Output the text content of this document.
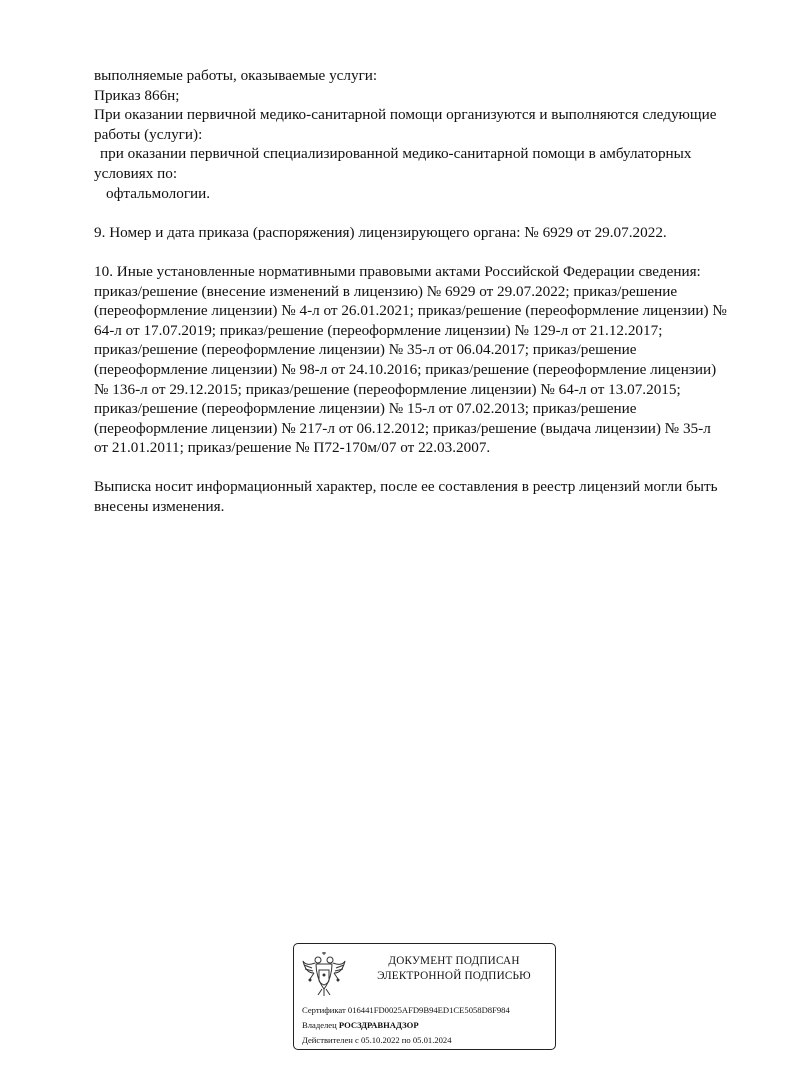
выполняемые работы, оказываемые услуги:
Приказ 866н;
При оказании первичной медико-санитарной помощи организуются и выполняются следующие
работы (услуги):
при оказании первичной специализированной медико-санитарной помощи в амбулаторных
условиях по:
офтальмологии.
9. Номер и дата приказа (распоряжения) лицензирующего органа: № 6929 от 29.07.2022.
10. Иные установленные нормативными правовыми актами Российской Федерации сведения:
приказ/решение (внесение изменений в лицензию) № 6929 от 29.07.2022; приказ/решение
(переоформление лицензии) № 4-л от 26.01.2021; приказ/решение (переоформление лицензии) №
64-л от 17.07.2019; приказ/решение (переоформление лицензии) № 129-л от 21.12.2017;
приказ/решение (переоформление лицензии) № 35-л от 06.04.2017; приказ/решение
(переоформление лицензии) № 98-л от 24.10.2016; приказ/решение (переоформление лицензии)
№ 136-л от 29.12.2015; приказ/решение (переоформление лицензии) № 64-л от 13.07.2015;
приказ/решение (переоформление лицензии) № 15-л от 07.02.2013; приказ/решение
(переоформление лицензии) № 217-л от 06.12.2012; приказ/решение (выдача лицензии) № 35-л
от 21.01.2011; приказ/решение № П72-170м/07 от 22.03.2007.
Выписка носит информационный характер, после ее составления в реестр лицензий могли быть
внесены изменения.
ДОКУМЕНТ ПОДПИСАН
ЭЛЕКТРОННОЙ ПОДПИСЬЮ
Сертификат 016441FD0025AFD9B94ED1CE5058D8F984
Владелец РОСЗДРАВНАДЗОР
Действителен с 05.10.2022 по 05.01.2024
